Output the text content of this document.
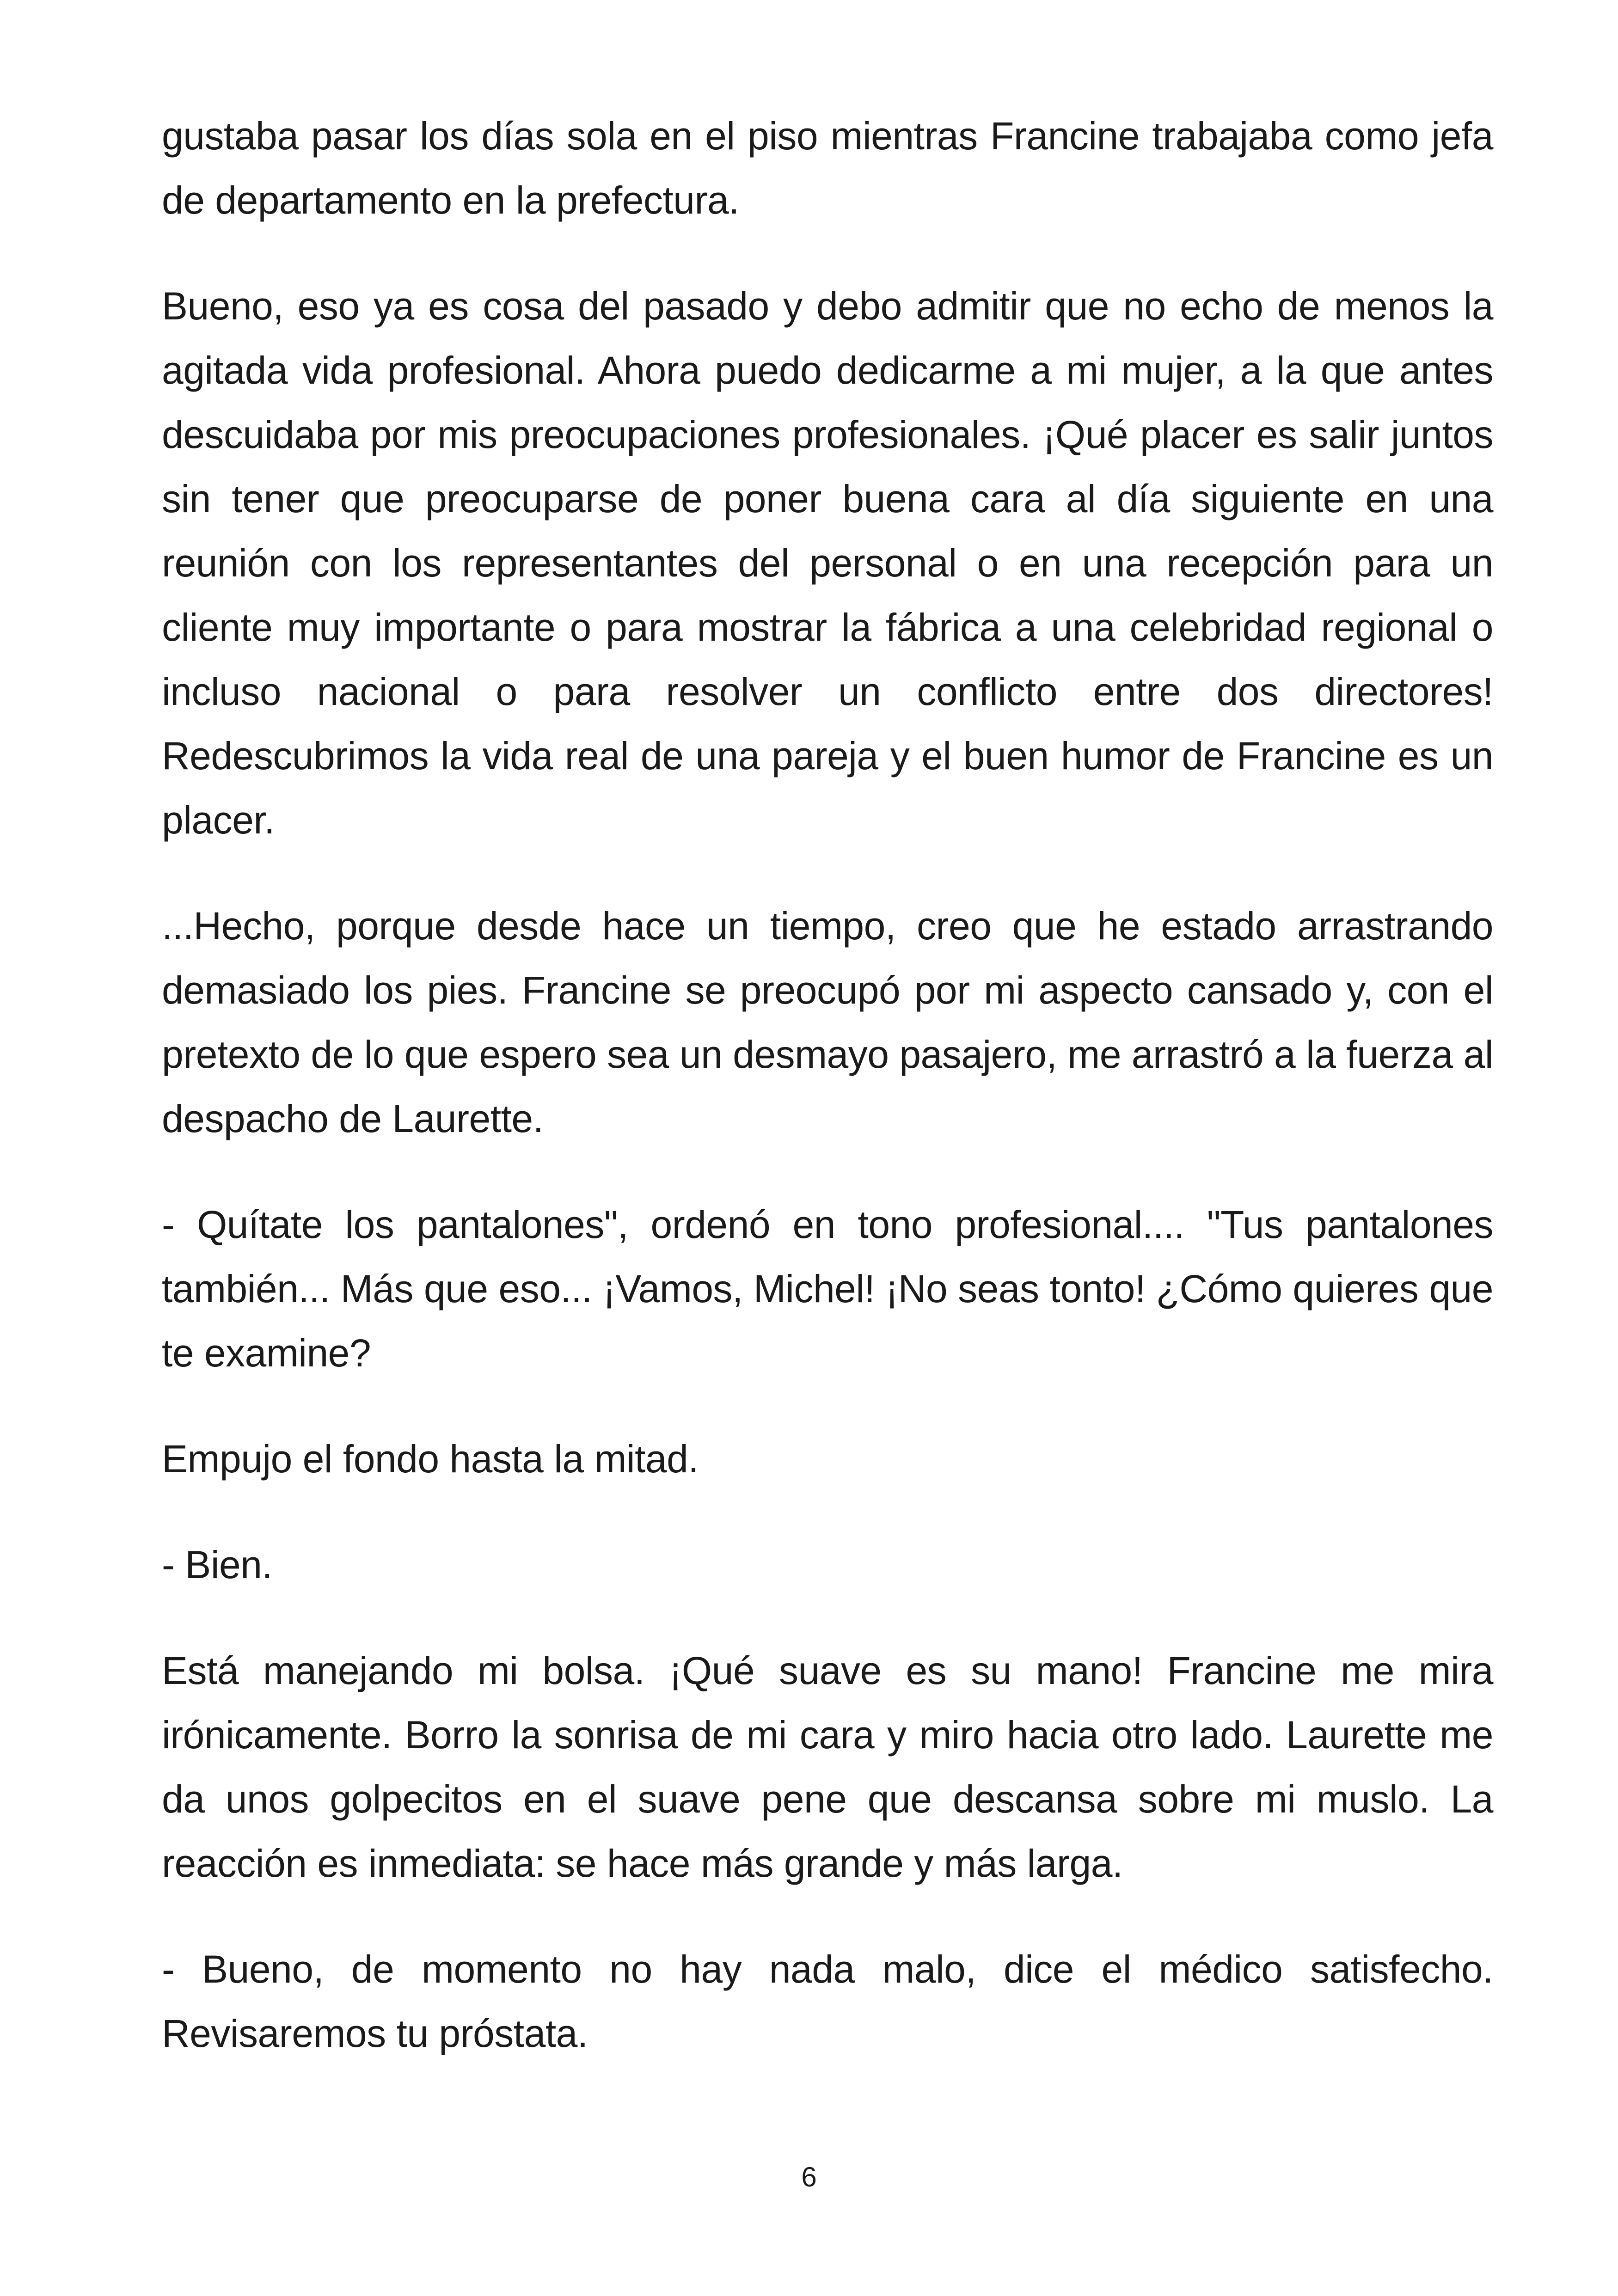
gustaba pasar los días sola en el piso mientras Francine trabajaba como jefa de departamento en la prefectura.

Bueno, eso ya es cosa del pasado y debo admitir que no echo de menos la agitada vida profesional. Ahora puedo dedicarme a mi mujer, a la que antes descuidaba por mis preocupaciones profesionales. ¡Qué placer es salir juntos sin tener que preocuparse de poner buena cara al día siguiente en una reunión con los representantes del personal o en una recepción para un cliente muy importante o para mostrar la fábrica a una celebridad regional o incluso nacional o para resolver un conflicto entre dos directores! Redescubrimos la vida real de una pareja y el buen humor de Francine es un placer.

...Hecho, porque desde hace un tiempo, creo que he estado arrastrando demasiado los pies. Francine se preocupó por mi aspecto cansado y, con el pretexto de lo que espero sea un desmayo pasajero, me arrastró a la fuerza al despacho de Laurette.

- Quítate los pantalones", ordenó en tono profesional.... "Tus pantalones también... Más que eso... ¡Vamos, Michel! ¡No seas tonto! ¿Cómo quieres que te examine?

Empujo el fondo hasta la mitad.

- Bien.

Está manejando mi bolsa. ¡Qué suave es su mano! Francine me mira irónicamente. Borro la sonrisa de mi cara y miro hacia otro lado. Laurette me da unos golpecitos en el suave pene que descansa sobre mi muslo. La reacción es inmediata: se hace más grande y más larga.

- Bueno, de momento no hay nada malo, dice el médico satisfecho. Revisaremos tu próstata.

6
